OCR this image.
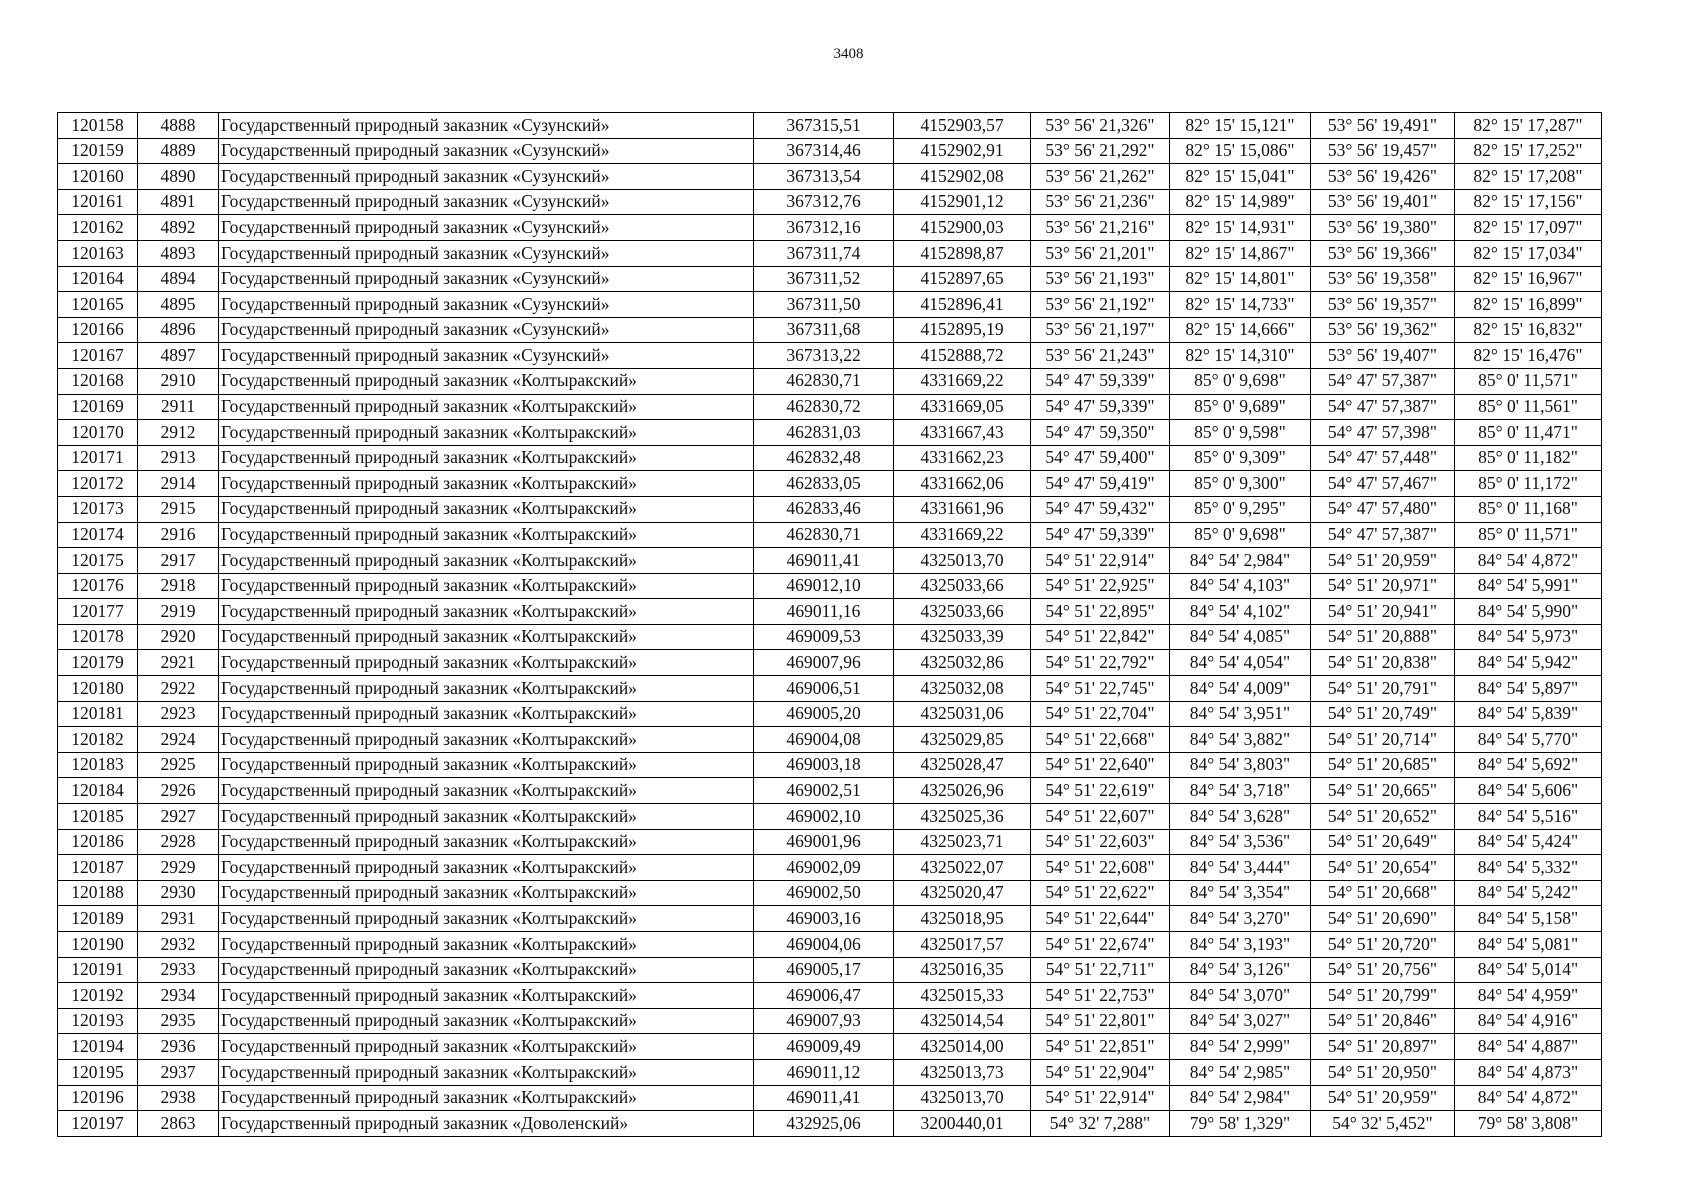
3408
120158	4888	Государственный природный заказник «Сузунский»	367315,51	4152903,57	53° 56' 21,326"	82° 15' 15,121"	53° 56' 19,491"	82° 15' 17,287"
120159	4889	Государственный природный заказник «Сузунский»	367314,46	4152902,91	53° 56' 21,292"	82° 15' 15,086"	53° 56' 19,457"	82° 15' 17,252"
120160	4890	Государственный природный заказник «Сузунский»	367313,54	4152902,08	53° 56' 21,262"	82° 15' 15,041"	53° 56' 19,426"	82° 15' 17,208"
120161	4891	Государственный природный заказник «Сузунский»	367312,76	4152901,12	53° 56' 21,236"	82° 15' 14,989"	53° 56' 19,401"	82° 15' 17,156"
120162	4892	Государственный природный заказник «Сузунский»	367312,16	4152900,03	53° 56' 21,216"	82° 15' 14,931"	53° 56' 19,380"	82° 15' 17,097"
120163	4893	Государственный природный заказник «Сузунский»	367311,74	4152898,87	53° 56' 21,201"	82° 15' 14,867"	53° 56' 19,366"	82° 15' 17,034"
120164	4894	Государственный природный заказник «Сузунский»	367311,52	4152897,65	53° 56' 21,193"	82° 15' 14,801"	53° 56' 19,358"	82° 15' 16,967"
120165	4895	Государственный природный заказник «Сузунский»	367311,50	4152896,41	53° 56' 21,192"	82° 15' 14,733"	53° 56' 19,357"	82° 15' 16,899"
120166	4896	Государственный природный заказник «Сузунский»	367311,68	4152895,19	53° 56' 21,197"	82° 15' 14,666"	53° 56' 19,362"	82° 15' 16,832"
120167	4897	Государственный природный заказник «Сузунский»	367313,22	4152888,72	53° 56' 21,243"	82° 15' 14,310"	53° 56' 19,407"	82° 15' 16,476"
120168	2910	Государственный природный заказник «Колтыракский»	462830,71	4331669,22	54° 47' 59,339"	85° 0' 9,698"	54° 47' 57,387"	85° 0' 11,571"
120169	2911	Государственный природный заказник «Колтыракский»	462830,72	4331669,05	54° 47' 59,339"	85° 0' 9,689"	54° 47' 57,387"	85° 0' 11,561"
120170	2912	Государственный природный заказник «Колтыракский»	462831,03	4331667,43	54° 47' 59,350"	85° 0' 9,598"	54° 47' 57,398"	85° 0' 11,471"
120171	2913	Государственный природный заказник «Колтыракский»	462832,48	4331662,23	54° 47' 59,400"	85° 0' 9,309"	54° 47' 57,448"	85° 0' 11,182"
120172	2914	Государственный природный заказник «Колтыракский»	462833,05	4331662,06	54° 47' 59,419"	85° 0' 9,300"	54° 47' 57,467"	85° 0' 11,172"
120173	2915	Государственный природный заказник «Колтыракский»	462833,46	4331661,96	54° 47' 59,432"	85° 0' 9,295"	54° 47' 57,480"	85° 0' 11,168"
120174	2916	Государственный природный заказник «Колтыракский»	462830,71	4331669,22	54° 47' 59,339"	85° 0' 9,698"	54° 47' 57,387"	85° 0' 11,571"
120175	2917	Государственный природный заказник «Колтыракский»	469011,41	4325013,70	54° 51' 22,914"	84° 54' 2,984"	54° 51' 20,959"	84° 54' 4,872"
120176	2918	Государственный природный заказник «Колтыракский»	469012,10	4325033,66	54° 51' 22,925"	84° 54' 4,103"	54° 51' 20,971"	84° 54' 5,991"
120177	2919	Государственный природный заказник «Колтыракский»	469011,16	4325033,66	54° 51' 22,895"	84° 54' 4,102"	54° 51' 20,941"	84° 54' 5,990"
120178	2920	Государственный природный заказник «Колтыракский»	469009,53	4325033,39	54° 51' 22,842"	84° 54' 4,085"	54° 51' 20,888"	84° 54' 5,973"
120179	2921	Государственный природный заказник «Колтыракский»	469007,96	4325032,86	54° 51' 22,792"	84° 54' 4,054"	54° 51' 20,838"	84° 54' 5,942"
120180	2922	Государственный природный заказник «Колтыракский»	469006,51	4325032,08	54° 51' 22,745"	84° 54' 4,009"	54° 51' 20,791"	84° 54' 5,897"
120181	2923	Государственный природный заказник «Колтыракский»	469005,20	4325031,06	54° 51' 22,704"	84° 54' 3,951"	54° 51' 20,749"	84° 54' 5,839"
120182	2924	Государственный природный заказник «Колтыракский»	469004,08	4325029,85	54° 51' 22,668"	84° 54' 3,882"	54° 51' 20,714"	84° 54' 5,770"
120183	2925	Государственный природный заказник «Колтыракский»	469003,18	4325028,47	54° 51' 22,640"	84° 54' 3,803"	54° 51' 20,685"	84° 54' 5,692"
120184	2926	Государственный природный заказник «Колтыракский»	469002,51	4325026,96	54° 51' 22,619"	84° 54' 3,718"	54° 51' 20,665"	84° 54' 5,606"
120185	2927	Государственный природный заказник «Колтыракский»	469002,10	4325025,36	54° 51' 22,607"	84° 54' 3,628"	54° 51' 20,652"	84° 54' 5,516"
120186	2928	Государственный природный заказник «Колтыракский»	469001,96	4325023,71	54° 51' 22,603"	84° 54' 3,536"	54° 51' 20,649"	84° 54' 5,424"
120187	2929	Государственный природный заказник «Колтыракский»	469002,09	4325022,07	54° 51' 22,608"	84° 54' 3,444"	54° 51' 20,654"	84° 54' 5,332"
120188	2930	Государственный природный заказник «Колтыракский»	469002,50	4325020,47	54° 51' 22,622"	84° 54' 3,354"	54° 51' 20,668"	84° 54' 5,242"
120189	2931	Государственный природный заказник «Колтыракский»	469003,16	4325018,95	54° 51' 22,644"	84° 54' 3,270"	54° 51' 20,690"	84° 54' 5,158"
120190	2932	Государственный природный заказник «Колтыракский»	469004,06	4325017,57	54° 51' 22,674"	84° 54' 3,193"	54° 51' 20,720"	84° 54' 5,081"
120191	2933	Государственный природный заказник «Колтыракский»	469005,17	4325016,35	54° 51' 22,711"	84° 54' 3,126"	54° 51' 20,756"	84° 54' 5,014"
120192	2934	Государственный природный заказник «Колтыракский»	469006,47	4325015,33	54° 51' 22,753"	84° 54' 3,070"	54° 51' 20,799"	84° 54' 4,959"
120193	2935	Государственный природный заказник «Колтыракский»	469007,93	4325014,54	54° 51' 22,801"	84° 54' 3,027"	54° 51' 20,846"	84° 54' 4,916"
120194	2936	Государственный природный заказник «Колтыракский»	469009,49	4325014,00	54° 51' 22,851"	84° 54' 2,999"	54° 51' 20,897"	84° 54' 4,887"
120195	2937	Государственный природный заказник «Колтыракский»	469011,12	4325013,73	54° 51' 22,904"	84° 54' 2,985"	54° 51' 20,950"	84° 54' 4,873"
120196	2938	Государственный природный заказник «Колтыракский»	469011,41	4325013,70	54° 51' 22,914"	84° 54' 2,984"	54° 51' 20,959"	84° 54' 4,872"
120197	2863	Государственный природный заказник «Доволенский»	432925,06	3200440,01	54° 32' 7,288"	79° 58' 1,329"	54° 32' 5,452"	79° 58' 3,808"
